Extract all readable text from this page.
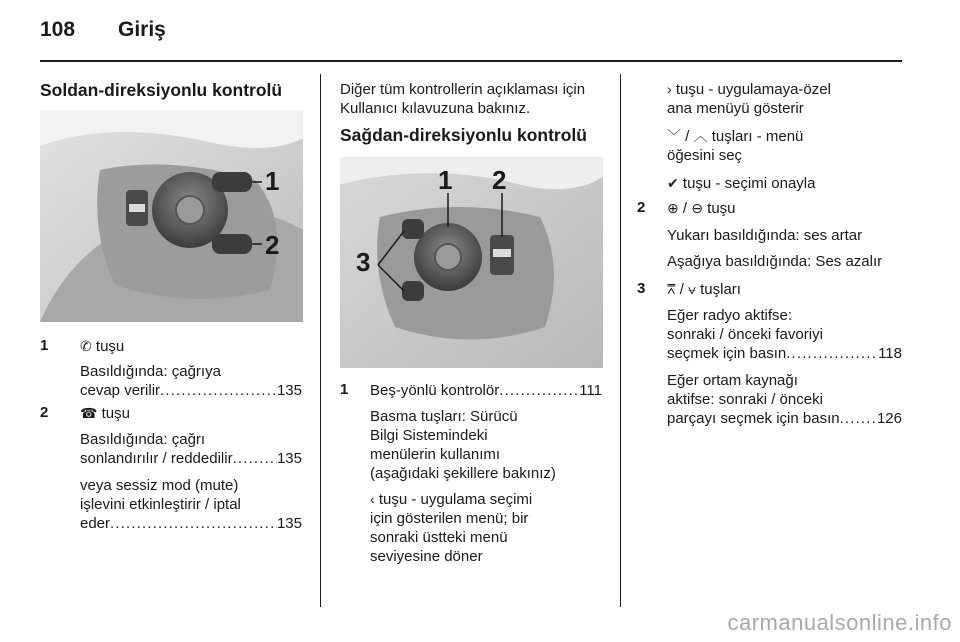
108 Giriş
Soldan-direksiyonlu kontrolü
1
2
1 ✆ tuşu
Basıldığında: çağrıya
cevap verilir . . .	135
2 ☎ tuşu
Basıldığında: çağrı
sonlandırılır / reddedilir . . .	135
veya sessiz mod (mute)
işlevini etkinleştirir / iptal
eder . . .	135
Diğer tüm kontrollerin açıklaması için
Kullanıcı kılavuzuna bakınız.
Sağdan-direksiyonlu kontrolü
1 2
3
1 Beş-yönlü kontrolör . . .	111
Basma tuşları: Sürücü
Bilgi Sistemindeki
menülerin kullanımı
(aşağıdaki şekillere bakınız)
‹ tuşu - uygulama seçimi
için gösterilen menü; bir
sonraki üstteki menü
seviyesine döner
› tuşu - uygulamaya-özel
ana menüyü gösterir
﹀ / ︿ tuşları - menü
öğesini seç
✔ tuşu - seçimi onayla
2 ⊕ / ⊖ tuşu
Yukarı basıldığında: ses artar
Aşağıya basıldığında: Ses azalır
3 ⩞ / ⩝ tuşları
Eğer radyo aktifse:
sonraki / önceki favoriyi
seçmek için basın . . .	118
Eğer ortam kaynağı
aktifse: sonraki / önceki
parçayı seçmek için basın . . . 126
carmanualsonline.info
